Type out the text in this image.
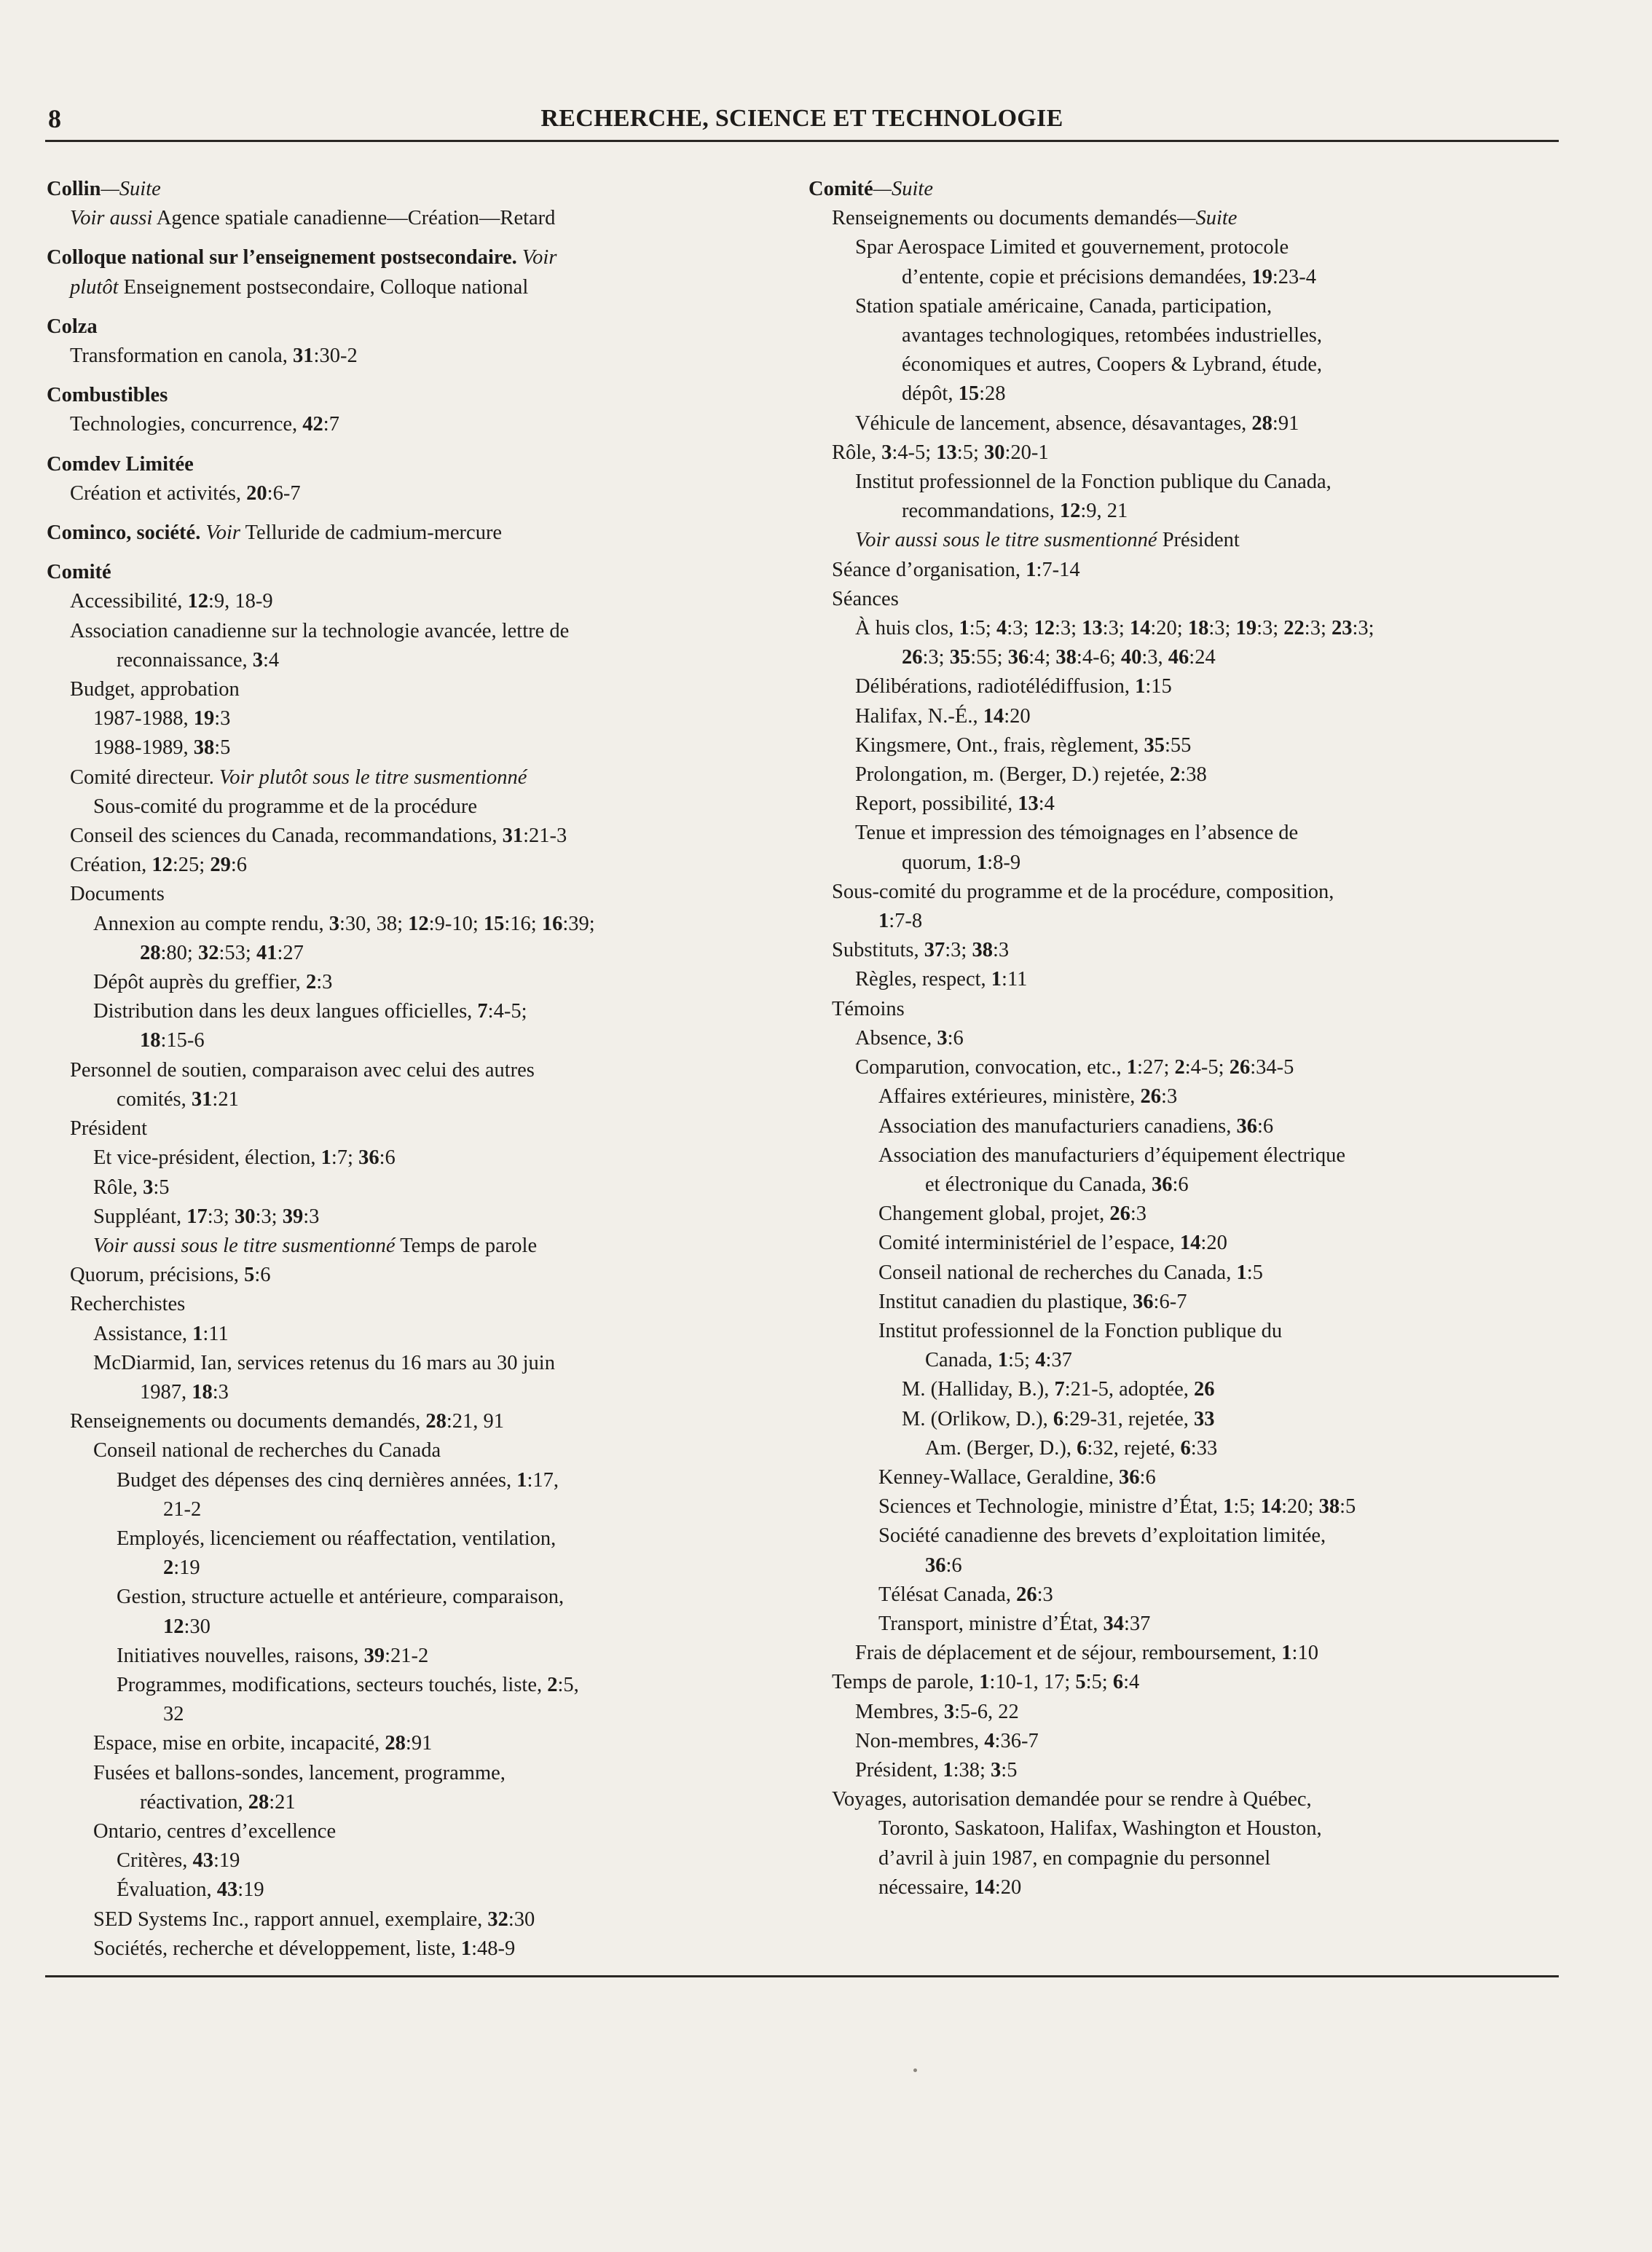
8	RECHERCHE, SCIENCE ET TECHNOLOGIE
Collin—Suite
Voir aussi Agence spatiale canadienne—Création—Retard
Colloque national sur l’enseignement postsecondaire. Voir
plutôt Enseignement postsecondaire, Colloque national
Colza
Transformation en canola, 31:30-2
Combustibles
Technologies, concurrence, 42:7
Comdev Limitée
Création et activités, 20:6-7
Cominco, société. Voir Telluride de cadmium-mercure
Comité
Accessibilité, 12:9, 18-9
Association canadienne sur la technologie avancée, lettre de
reconnaissance, 3:4
Budget, approbation
1987-1988, 19:3
1988-1989, 38:5
Comité directeur. Voir plutôt sous le titre susmentionné
Sous-comité du programme et de la procédure
Conseil des sciences du Canada, recommandations, 31:21-3
Création, 12:25; 29:6
Documents
Annexion au compte rendu, 3:30, 38; 12:9-10; 15:16; 16:39;
28:80; 32:53; 41:27
Dépôt auprès du greffier, 2:3
Distribution dans les deux langues officielles, 7:4-5;
18:15-6
Personnel de soutien, comparaison avec celui des autres
comités, 31:21
Président
Et vice-président, élection, 1:7; 36:6
Rôle, 3:5
Suppléant, 17:3; 30:3; 39:3
Voir aussi sous le titre susmentionné Temps de parole
Quorum, précisions, 5:6
Recherchistes
Assistance, 1:11
McDiarmid, Ian, services retenus du 16 mars au 30 juin
1987, 18:3
Renseignements ou documents demandés, 28:21, 91
Conseil national de recherches du Canada
Budget des dépenses des cinq dernières années, 1:17,
21-2
Employés, licenciement ou réaffectation, ventilation,
2:19
Gestion, structure actuelle et antérieure, comparaison,
12:30
Initiatives nouvelles, raisons, 39:21-2
Programmes, modifications, secteurs touchés, liste, 2:5,
32
Espace, mise en orbite, incapacité, 28:91
Fusées et ballons-sondes, lancement, programme,
réactivation, 28:21
Ontario, centres d’excellence
Critères, 43:19
Évaluation, 43:19
SED Systems Inc., rapport annuel, exemplaire, 32:30
Sociétés, recherche et développement, liste, 1:48-9
Comité—Suite
Renseignements ou documents demandés—Suite
Spar Aerospace Limited et gouvernement, protocole
d’entente, copie et précisions demandées, 19:23-4
Station spatiale américaine, Canada, participation,
avantages technologiques, retombées industrielles,
économiques et autres, Coopers & Lybrand, étude,
dépôt, 15:28
Véhicule de lancement, absence, désavantages, 28:91
Rôle, 3:4-5; 13:5; 30:20-1
Institut professionnel de la Fonction publique du Canada,
recommandations, 12:9, 21
Voir aussi sous le titre susmentionné Président
Séance d’organisation, 1:7-14
Séances
À huis clos, 1:5; 4:3; 12:3; 13:3; 14:20; 18:3; 19:3; 22:3; 23:3;
26:3; 35:55; 36:4; 38:4-6; 40:3, 46:24
Délibérations, radiotélédiffusion, 1:15
Halifax, N.-É., 14:20
Kingsmere, Ont., frais, règlement, 35:55
Prolongation, m. (Berger, D.) rejetée, 2:38
Report, possibilité, 13:4
Tenue et impression des témoignages en l’absence de
quorum, 1:8-9
Sous-comité du programme et de la procédure, composition,
1:7-8
Substituts, 37:3; 38:3
Règles, respect, 1:11
Témoins
Absence, 3:6
Comparution, convocation, etc., 1:27; 2:4-5; 26:34-5
Affaires extérieures, ministère, 26:3
Association des manufacturiers canadiens, 36:6
Association des manufacturiers d’équipement électrique
et électronique du Canada, 36:6
Changement global, projet, 26:3
Comité interministériel de l’espace, 14:20
Conseil national de recherches du Canada, 1:5
Institut canadien du plastique, 36:6-7
Institut professionnel de la Fonction publique du
Canada, 1:5; 4:37
M. (Halliday, B.), 7:21-5, adoptée, 26
M. (Orlikow, D.), 6:29-31, rejetée, 33
Am. (Berger, D.), 6:32, rejeté, 6:33
Kenney-Wallace, Geraldine, 36:6
Sciences et Technologie, ministre d’État, 1:5; 14:20; 38:5
Société canadienne des brevets d’exploitation limitée,
36:6
Télésat Canada, 26:3
Transport, ministre d’État, 34:37
Frais de déplacement et de séjour, remboursement, 1:10
Temps de parole, 1:10-1, 17; 5:5; 6:4
Membres, 3:5-6, 22
Non-membres, 4:36-7
Président, 1:38; 3:5
Voyages, autorisation demandée pour se rendre à Québec,
Toronto, Saskatoon, Halifax, Washington et Houston,
d’avril à juin 1987, en compagnie du personnel
nécessaire, 14:20
